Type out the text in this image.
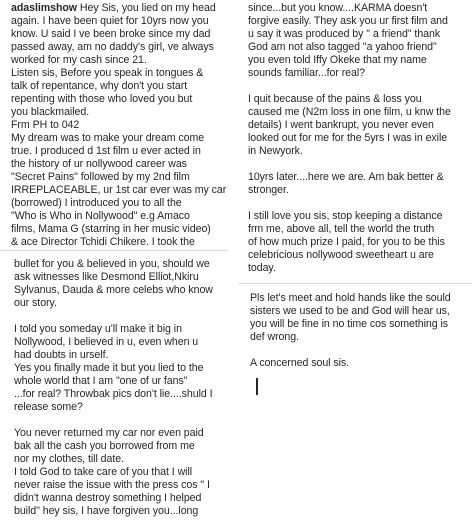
adaslimshow Hey Sis, you lied on my head

again. I have been quiet for 10yrs now you

know. U said I ve been broke since my dad

passed away, am no daddy's girl, ve always

worked for my cash since 21.

Listen sis, Before you speak in tongues &

talk of repentance, why don't you start

repenting with those who loved you but

you blackmailed.

Frm PH to 042

My dream was to make your dream come

true. I produced d 1st film u ever acted in

the history of ur nollywood career was

"Secret Pains" followed by my 2nd film

IRREPLACEABLE, ur 1st car ever was my car

(borrowed) I introduced you to all the

"Who is Who in Nollywood" e.g Amaco

films, Mama G (starring in her music video)

& ace Director Tchidi Chikere. I took the

bullet for you & believed in you, should we

ask witnesses like Desmond Elliot,Nkiru

Sylvanus, Dauda & more celebs who know

our story.

I told you someday u'll make it big in

Nollywood, I believed in u, even when u

had doubts in urself.

Yes you finally made it but you lied to the

whole world that I am "one of ur fans"

...for real? Throwbak pics don't lie....shuld I

release some?

You never returned my car nor even paid

bak all the cash you borrowed from me

nor my clothes, till date.

I told God to take care of you that I will

never raise the issue with the press cos " I

didn't wanna destroy something I helped

build" hey sis, I have forgiven you...long

since...but you know....KARMA doesn't

forgive easily. They ask you ur first film and

u say it was produced by " a friend" thank

God am not also tagged "a yahoo friend"

you even told Iffy Okeke that my name

sounds familiar...for real?

I quit because of the pains & loss you

caused me (N2m loss in one film, u knw the

details) I went bankrupt, you never even

looked out for me for the 5yrs I was in exile

in Newyork.

10yrs later....here we are. Am bak better &

stronger.

I still love you sis, stop keeping a distance

frm me, above all, tell the world the truth

of how much prize I paid, for you to be this

celebricious nollywood sweetheart u are

today.

Pls let's meet and hold hands like the sould

sisters we used to be and God will hear us,

you will be fine in no time cos something is

def wrong.

A concerned soul sis.
